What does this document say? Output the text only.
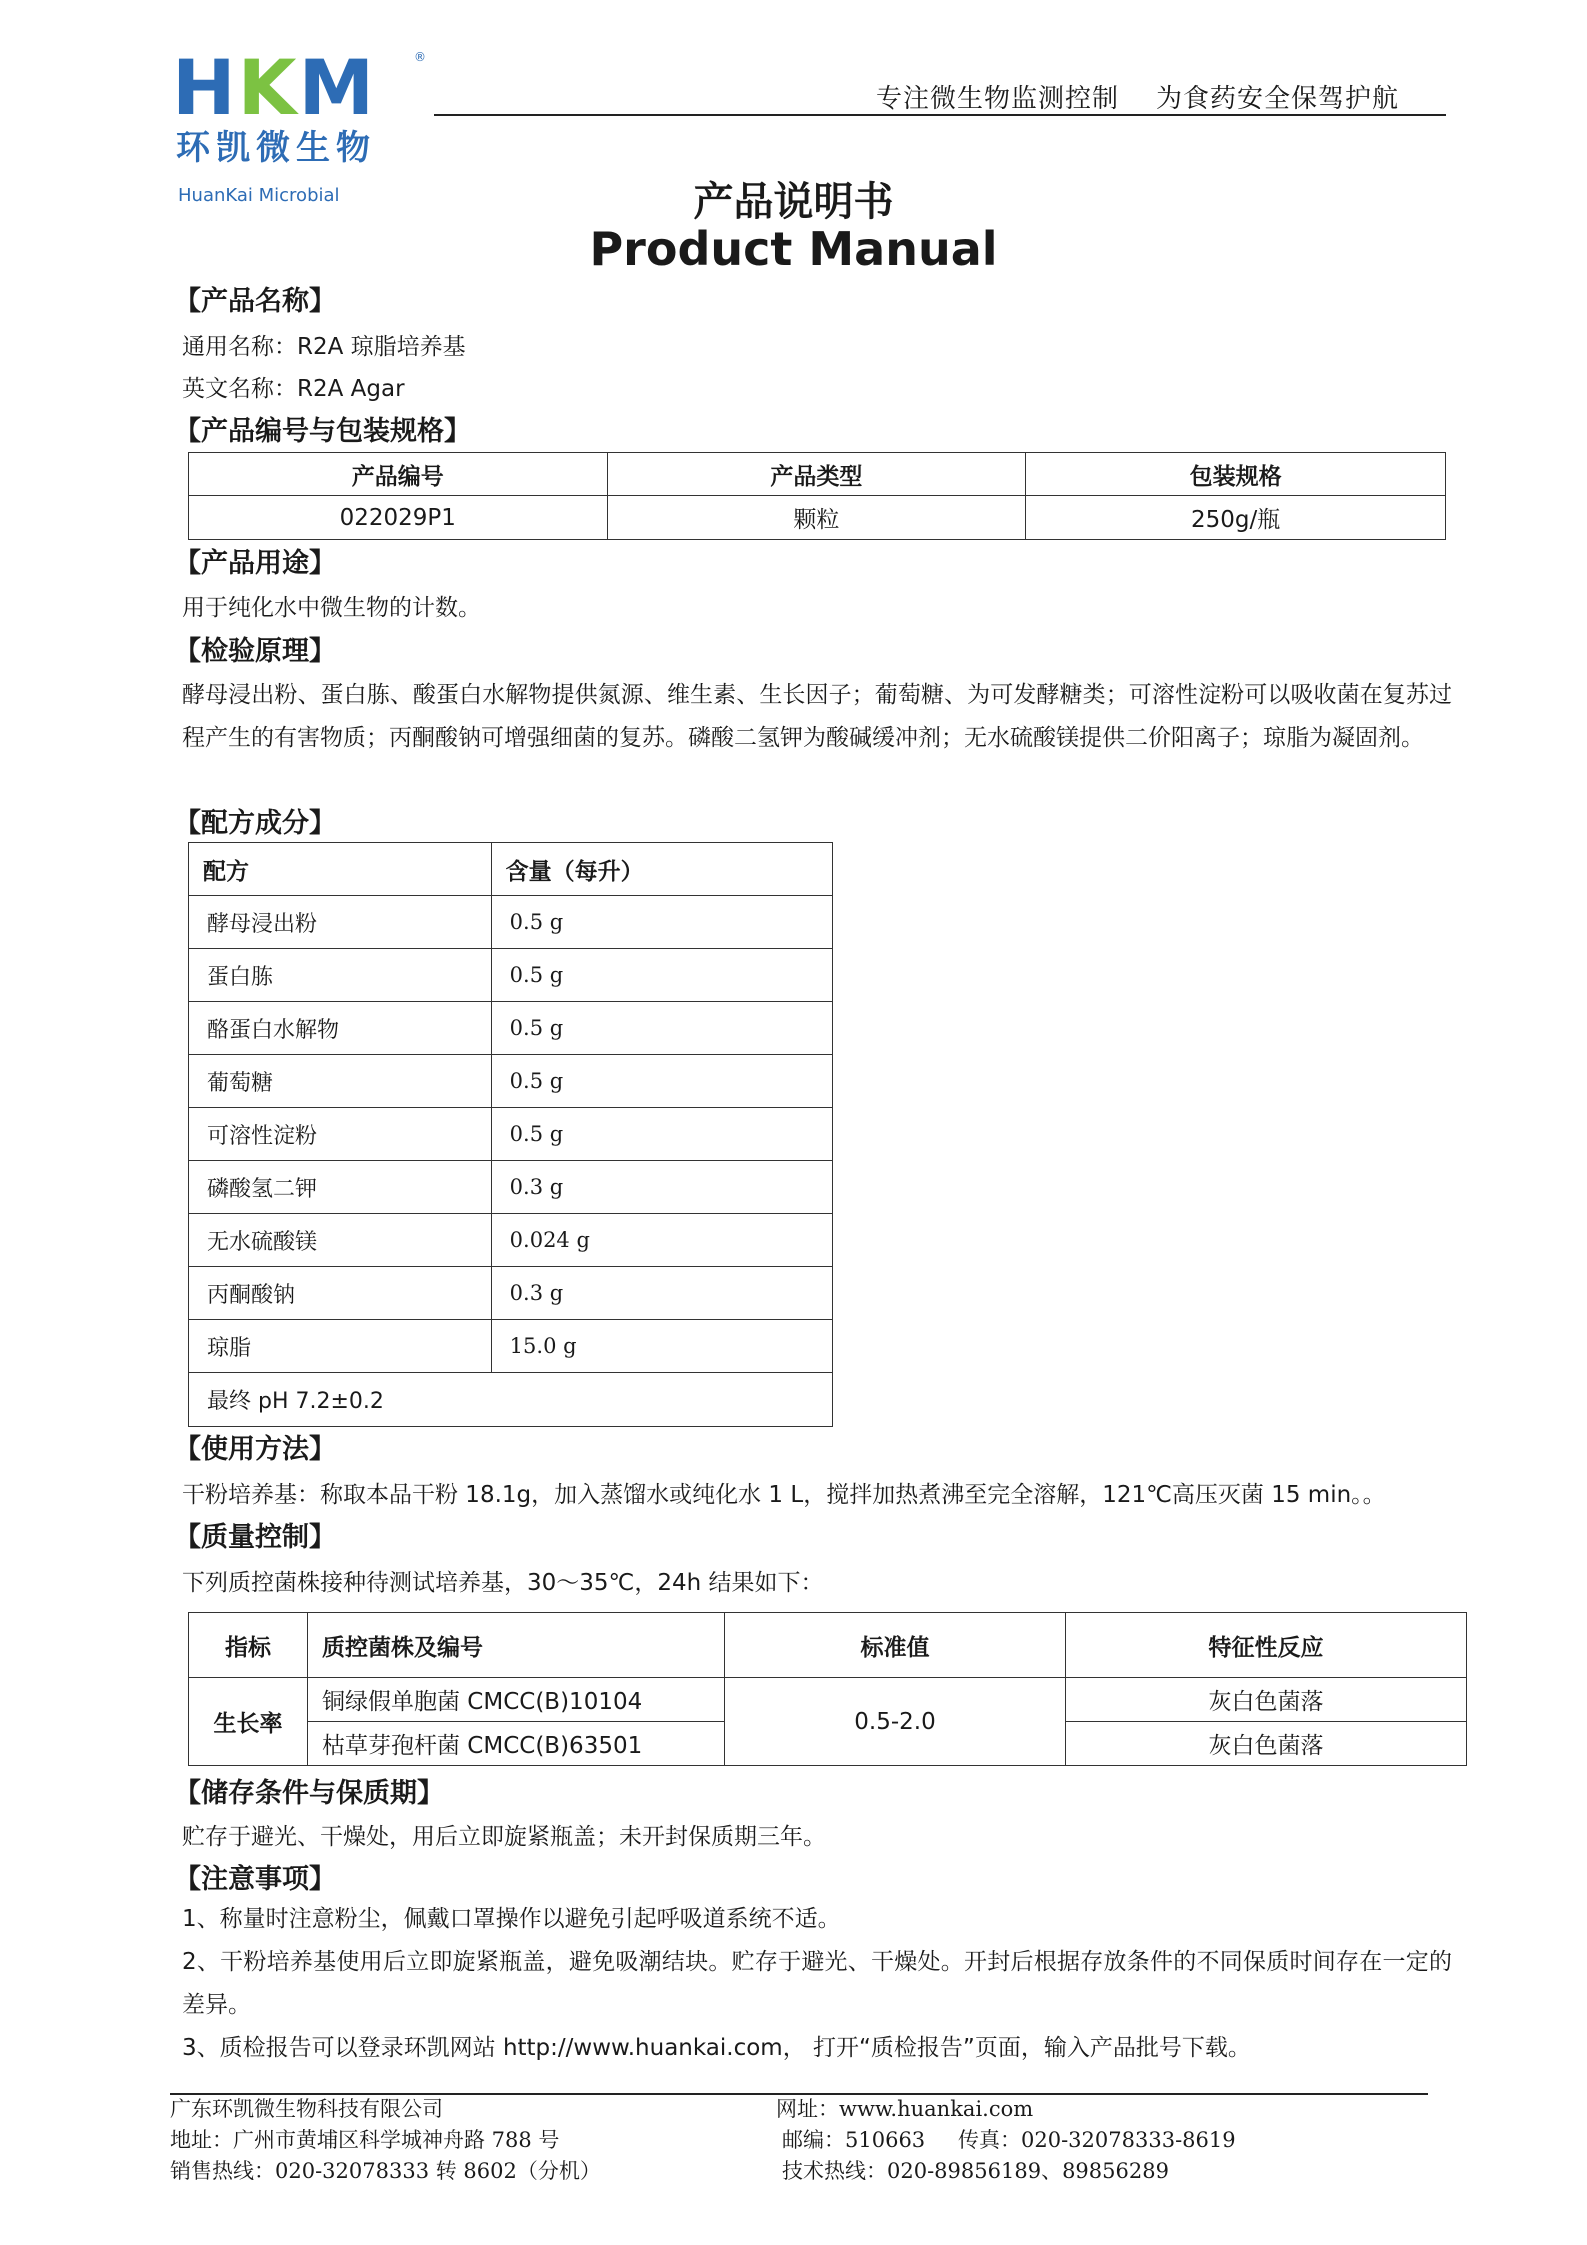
HKM	®
环凯微生物
HuanKai Microbial
专注微生物监测控制    为食药安全保驾护航
产品说明书
Product Manual
【产品名称】
通用名称：R2A 琼脂培养基
英文名称：R2A Agar
【产品编号与包装规格】
产品编号	产品类型	包装规格
022029P1	颗粒	250g/瓶
【产品用途】
用于纯化水中微生物的计数。
【检验原理】
酵母浸出粉、蛋白胨、酸蛋白水解物提供氮源、维生素、生长因子；葡萄糖、为可发酵糖类；可溶性淀粉可以吸收菌在复苏过程产生的有害物质；丙酮酸钠可增强细菌的复苏。磷酸二氢钾为酸碱缓冲剂；无水硫酸镁提供二价阳离子；琼脂为凝固剂。
【配方成分】
配方	含量（每升）
酵母浸出粉	0.5 g
蛋白胨	0.5 g
酪蛋白水解物	0.5 g
葡萄糖	0.5 g
可溶性淀粉	0.5 g
磷酸氢二钾	0.3 g
无水硫酸镁	0.024 g
丙酮酸钠	0.3 g
琼脂	15.0 g
最终 pH 7.2±0.2	
【使用方法】
干粉培养基：称取本品干粉 18.1g，加入蒸馏水或纯化水 1 L，搅拌加热煮沸至完全溶解，121℃高压灭菌 15 min。。
【质量控制】
下列质控菌株接种待测试培养基，30～35℃，24h 结果如下：
指标	质控菌株及编号	标准值	特征性反应
生长率	铜绿假单胞菌 CMCC(B)10104	0.5-2.0	灰白色菌落
	枯草芽孢杆菌 CMCC(B)63501		灰白色菌落
【储存条件与保质期】
贮存于避光、干燥处，用后立即旋紧瓶盖；未开封保质期三年。
【注意事项】
1、称量时注意粉尘，佩戴口罩操作以避免引起呼吸道系统不适。
2、干粉培养基使用后立即旋紧瓶盖，避免吸潮结块。贮存于避光、干燥处。开封后根据存放条件的不同保质时间存在一定的差异。
3、质检报告可以登录环凯网站 http://www.huankai.com， 打开“质检报告”页面，输入产品批号下载。
广东环凯微生物科技有限公司
地址：广州市黄埔区科学城神舟路 788 号
销售热线：020-32078333 转 8602（分机）
网址：www.huankai.com
邮编：510663 传真：020-32078333-8619
技术热线：020-89856189、89856289
